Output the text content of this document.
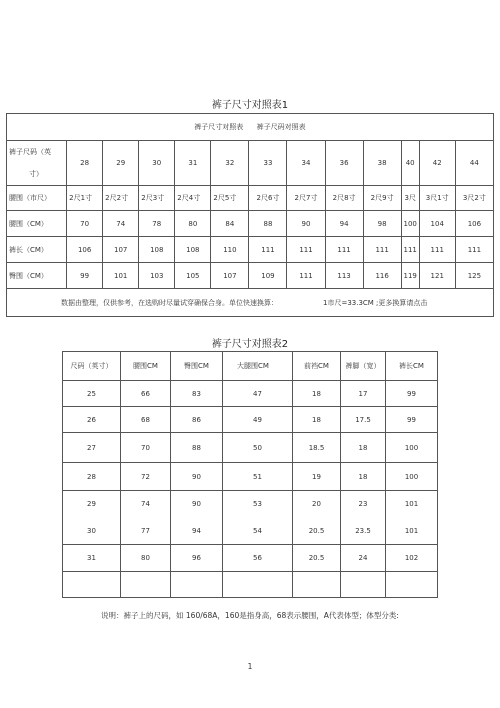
裤子尺寸对照表1
裤子尺寸对照表 裤子尺码对照表												
裤子尺码（英
寸）	28	29	30	31	32	33	34	36	38	40	42	44
腰围（市尺）	2尺1寸	2尺2寸	2尺3寸	2尺4寸	2尺5寸	2尺6寸	2尺7寸	2尺8寸	2尺9寸	3尺	3尺1寸	3尺2寸
腰围（CM）	70	74	78	80	84	88	90	94	98	100	104	106
裤长（CM）	106	107	108	108	110	111	111	111	111	111	111	111
臀围（CM）	99	101	103	105	107	109	111	113	116	119	121	125

数据由整理，仅供参考，在选购时尽量试穿确保合身。单位快速换算： 1市尺=33.3CM ;更多换算请点击												
裤子尺寸对照表2
尺码（英寸）	腰围CM	臀围CM	大腿围CM	前裆CM	裤脚（宽）	裤长CM
25	66	83	47	18	17	99
26	68	86	49	18	17.5	99
27	70	88	50	18.5	18	100
28	72	90	51	19	18	100
29	74	90	53	20	23	101
30	77	94	54	20.5	23.5	101
31	80	96	56	20.5	24	102

说明：裤子上的尺码，如 160/68A，160是指身高，68表示腰围，A代表体型；体型分类:
1
